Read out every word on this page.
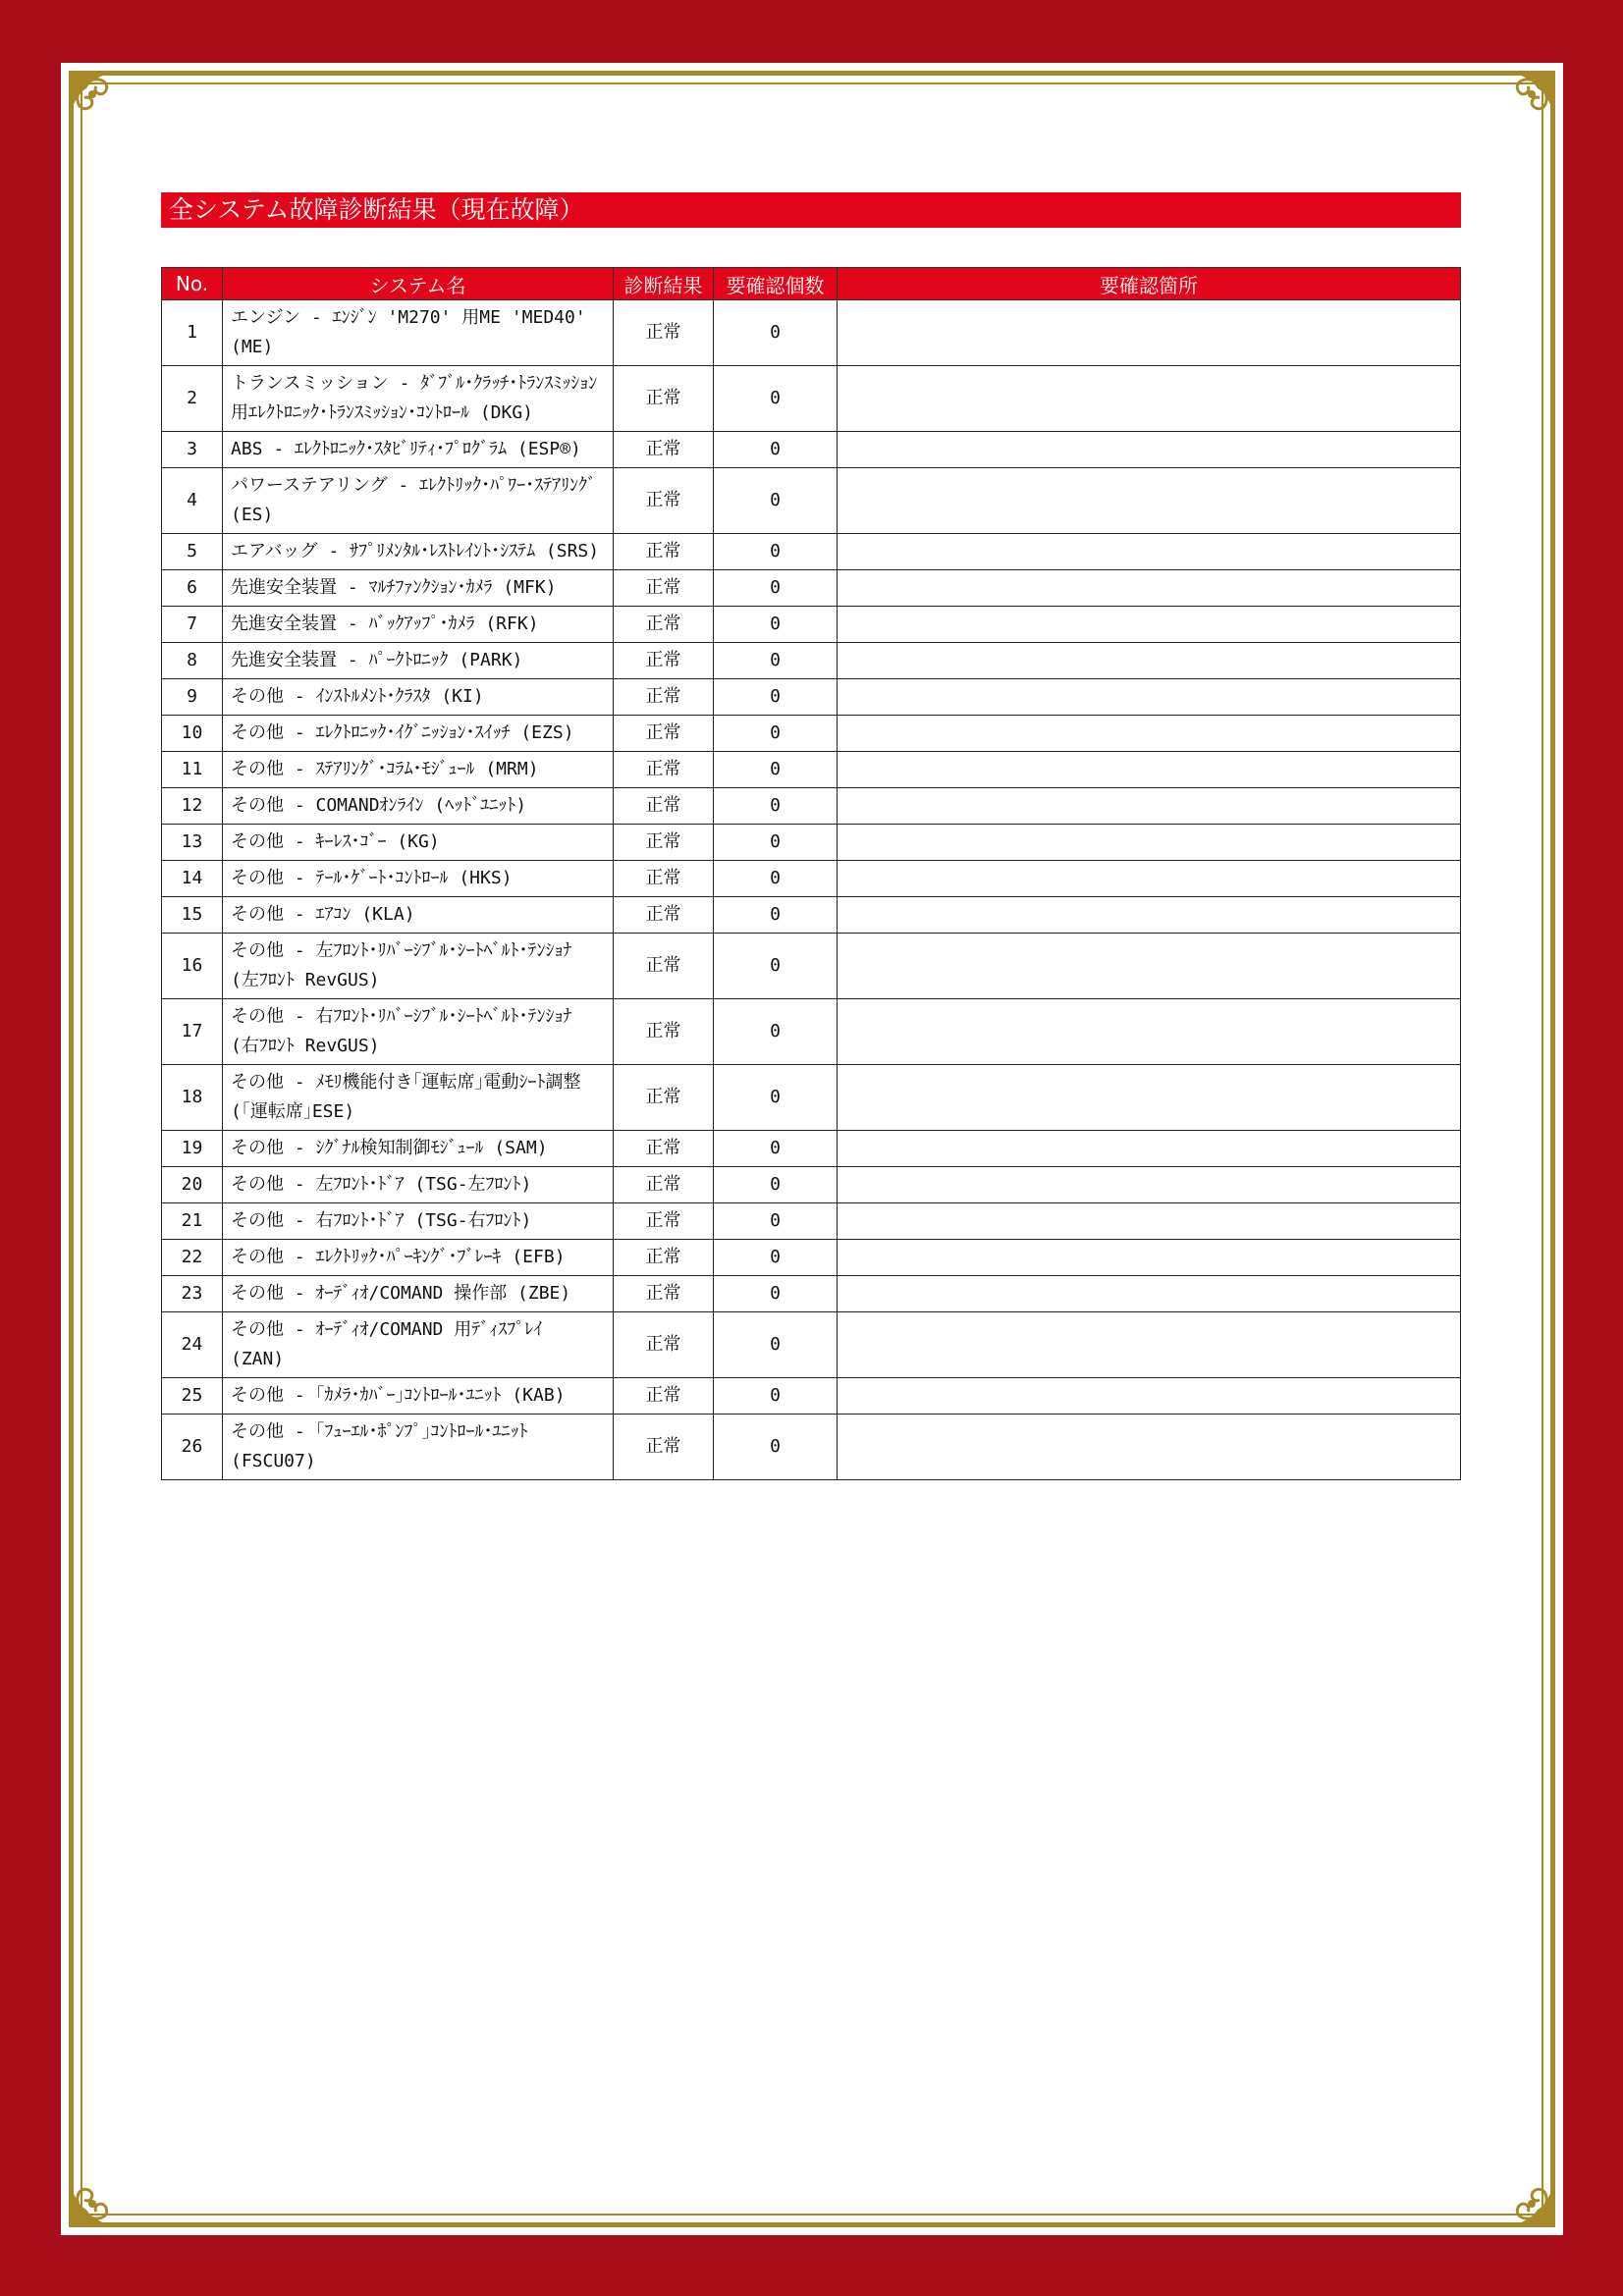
全システム故障診断結果（現在故障）
No.	システム名	診断結果	要確認個数	要確認箇所
1	エンジン - ｴﾝｼﾞﾝ 'M270' 用ME 'MED40' (ME)	正常	0	
2	トランスミッション - ﾀﾞﾌﾞﾙ･ｸﾗｯﾁ･ﾄﾗﾝｽﾐｯｼｮﾝ用ｴﾚｸﾄﾛﾆｯｸ･ﾄﾗﾝｽﾐｯｼｮﾝ･ｺﾝﾄﾛｰﾙ (DKG)	正常	0	
3	ABS - ｴﾚｸﾄﾛﾆｯｸ･ｽﾀﾋﾞﾘﾃｨ･ﾌﾟﾛｸﾞﾗﾑ (ESP®)	正常	0	
4	パワーステアリング - ｴﾚｸﾄﾘｯｸ･ﾊﾟﾜｰ･ｽﾃｱﾘﾝｸﾞ (ES)	正常	0	
5	エアバッグ - ｻﾌﾟﾘﾒﾝﾀﾙ･ﾚｽﾄﾚｲﾝﾄ･ｼｽﾃﾑ (SRS)	正常	0	
6	先進安全装置 - ﾏﾙﾁﾌｧﾝｸｼｮﾝ･ｶﾒﾗ (MFK)	正常	0	
7	先進安全装置 - ﾊﾞｯｸｱｯﾌﾟ･ｶﾒﾗ (RFK)	正常	0	
8	先進安全装置 - ﾊﾟｰｸﾄﾛﾆｯｸ (PARK)	正常	0	
9	その他 - ｲﾝｽﾄﾙﾒﾝﾄ･ｸﾗｽﾀ (KI)	正常	0	
10	その他 - ｴﾚｸﾄﾛﾆｯｸ･ｲｸﾞﾆｯｼｮﾝ･ｽｲｯﾁ (EZS)	正常	0	
11	その他 - ｽﾃｱﾘﾝｸﾞ･ｺﾗﾑ･ﾓｼﾞｭｰﾙ (MRM)	正常	0	
12	その他 - COMANDｵﾝﾗｲﾝ (ﾍｯﾄﾞﾕﾆｯﾄ)	正常	0	
13	その他 - ｷｰﾚｽ･ｺﾞｰ (KG)	正常	0	
14	その他 - ﾃｰﾙ･ｹﾞｰﾄ･ｺﾝﾄﾛｰﾙ (HKS)	正常	0	
15	その他 - ｴｱｺﾝ (KLA)	正常	0	
16	その他 - 左ﾌﾛﾝﾄ･ﾘﾊﾞｰｼﾌﾞﾙ･ｼｰﾄﾍﾞﾙﾄ･ﾃﾝｼｮﾅ (左ﾌﾛﾝﾄ RevGUS)	正常	0	
17	その他 - 右ﾌﾛﾝﾄ･ﾘﾊﾞｰｼﾌﾞﾙ･ｼｰﾄﾍﾞﾙﾄ･ﾃﾝｼｮﾅ (右ﾌﾛﾝﾄ RevGUS)	正常	0	
18	その他 - ﾒﾓﾘ機能付き｢運転席｣電動ｼｰﾄ調整 (｢運転席｣ESE)	正常	0	
19	その他 - ｼｸﾞﾅﾙ検知制御ﾓｼﾞｭｰﾙ (SAM)	正常	0	
20	その他 - 左ﾌﾛﾝﾄ･ﾄﾞｱ (TSG-左ﾌﾛﾝﾄ)	正常	0	
21	その他 - 右ﾌﾛﾝﾄ･ﾄﾞｱ (TSG-右ﾌﾛﾝﾄ)	正常	0	
22	その他 - ｴﾚｸﾄﾘｯｸ･ﾊﾟｰｷﾝｸﾞ･ﾌﾞﾚｰｷ (EFB)	正常	0	
23	その他 - ｵｰﾃﾞｨｵ/COMAND 操作部 (ZBE)	正常	0	
24	その他 - ｵｰﾃﾞｨｵ/COMAND 用ﾃﾞｨｽﾌﾟﾚｲ (ZAN)	正常	0	
25	その他 - ｢ｶﾒﾗ･ｶﾊﾞｰ｣ｺﾝﾄﾛｰﾙ･ﾕﾆｯﾄ (KAB)	正常	0	
26	その他 - ｢ﾌｭｰｴﾙ･ﾎﾟﾝﾌﾟ｣ｺﾝﾄﾛｰﾙ･ﾕﾆｯﾄ (FSCU07)	正常	0	
